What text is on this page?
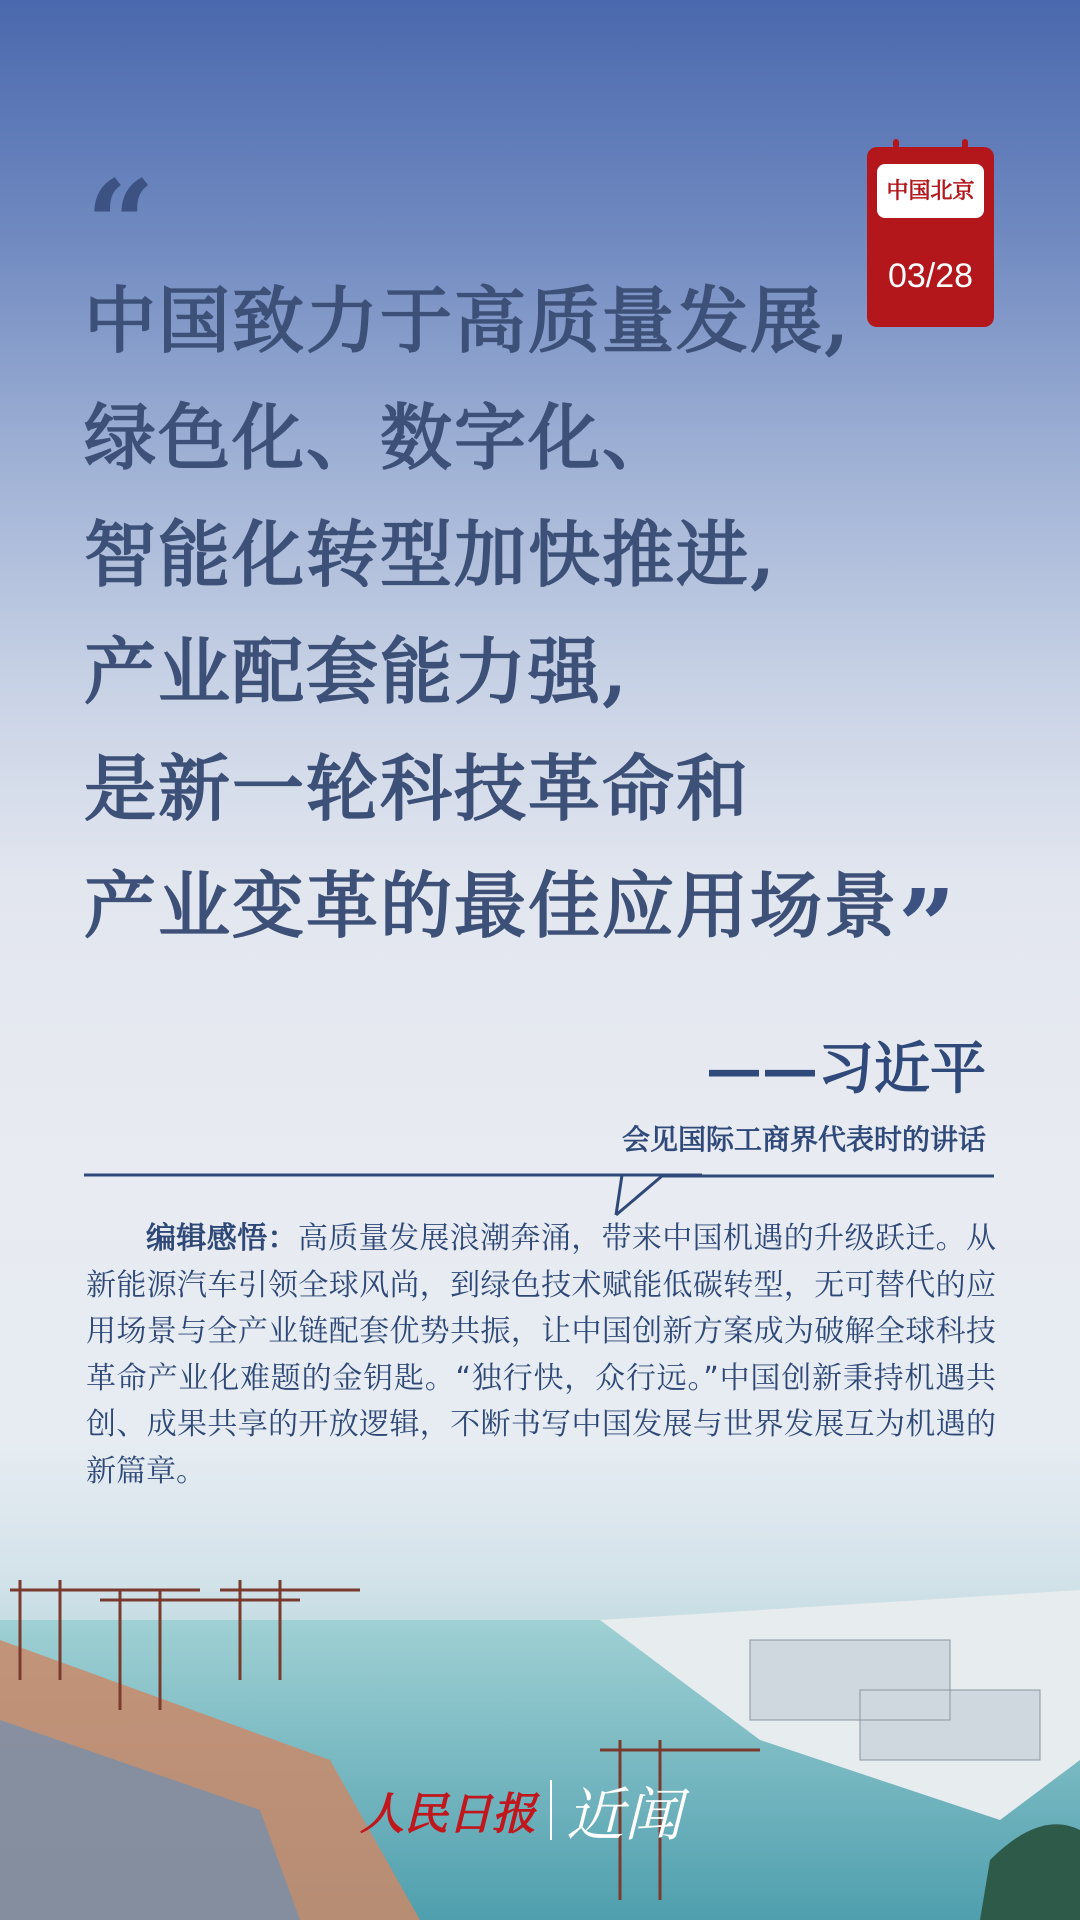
“
中国致力于高质量发展,
绿色化、数字化、
智能化转型加快推进,
产业配套能力强,
是新一轮科技革命和
产业变革的最佳应用场景”
中国北京
03/28
——习近平
会见国际工商界代表时的讲话
编辑感悟：高质量发展浪潮奔涌，带来中国机遇的升级跃迁。从新能源汽车引领全球风尚，到绿色技术赋能低碳转型，无可替代的应用场景与全产业链配套优势共振，让中国创新方案成为破解全球科技革命产业化难题的金钥匙。“独行快，众行远。”中国创新秉持机遇共创、成果共享的开放逻辑，不断书写中国发展与世界发展互为机遇的新篇章。
人民日报 近闻
